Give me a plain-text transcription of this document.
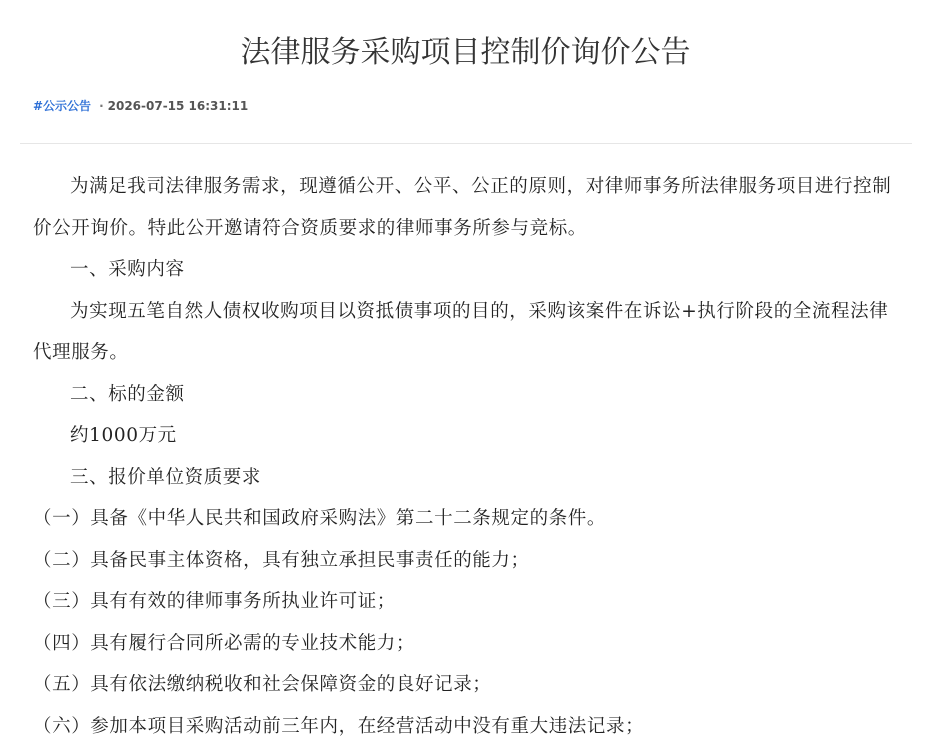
法律服务采购项目控制价询价公告
#公示公告 · 2026-07-15 16:31:11

为满足我司法律服务需求，现遵循公开、公平、公正的原则，对律师事务所法律服务项目进行控制价公开询价。特此公开邀请符合资质要求的律师事务所参与竞标。

一、采购内容

为实现五笔自然人债权收购项目以资抵债事项的目的，采购该案件在诉讼+执行阶段的全流程法律代理服务。

二、标的金额

约1000万元

三、报价单位资质要求

（一）具备《中华人民共和国政府采购法》第二十二条规定的条件。

（二）具备民事主体资格，具有独立承担民事责任的能力；

（三）具有有效的律师事务所执业许可证；

（四）具有履行合同所必需的专业技术能力；

（五）具有依法缴纳税收和社会保障资金的良好记录；

（六）参加本项目采购活动前三年内，在经营活动中没有重大违法记录；
